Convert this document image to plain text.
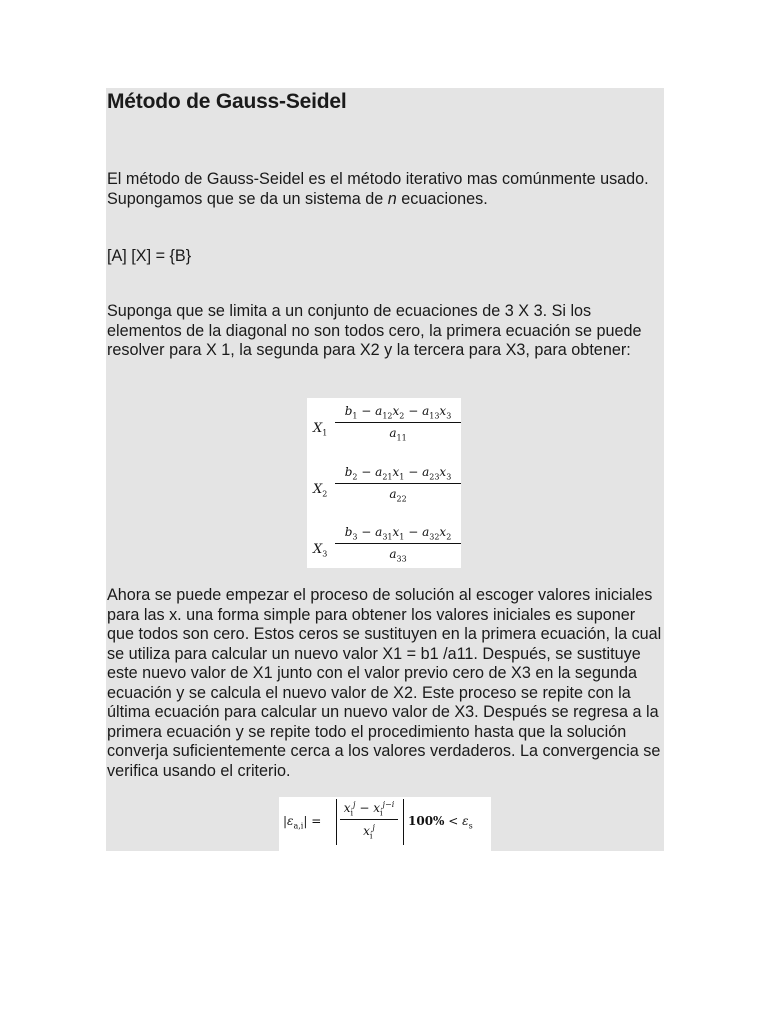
Método de Gauss-Seidel

El método de Gauss-Seidel es el método iterativo mas comúnmente usado. Supongamos que se da un sistema de n ecuaciones.

[A] [X] = {B}

Suponga que se limita a un conjunto de ecuaciones de 3 X 3. Si los elementos de la diagonal no son todos cero, la primera ecuación se puede resolver para X 1, la segunda para X2 y la tercera para X3, para obtener:

$X_1 \frac{b_1 - a_{12}x_2 - a_{13}x_3}{a_{11}}$
$X_2 \frac{b_2 - a_{21}x_1 - a_{23}x_3}{a_{22}}$
$X_3 \frac{b_3 - a_{31}x_1 - a_{32}x_2}{a_{33}}$

Ahora se puede empezar el proceso de solución al escoger valores iniciales para las x. una forma simple para obtener los valores iniciales es suponer que todos son cero. Estos ceros se sustituyen en la primera ecuación, la cual se utiliza para calcular un nuevo valor X1 = b1 /a11. Después, se sustituye este nuevo valor de X1 junto con el valor previo cero de X3 en la segunda ecuación y se calcula el nuevo valor de X2. Este proceso se repite con la última ecuación para calcular un nuevo valor de X3. Después se regresa a la primera ecuación y se repite todo el procedimiento hasta que la solución converja suficientemente cerca a los valores verdaderos. La convergencia se verifica usando el criterio.

$|\varepsilon_{a,i}|$ =
$x_i^j - x_i^{j-i}$
$x_i^j$	$100\% < \varepsilon_s$
